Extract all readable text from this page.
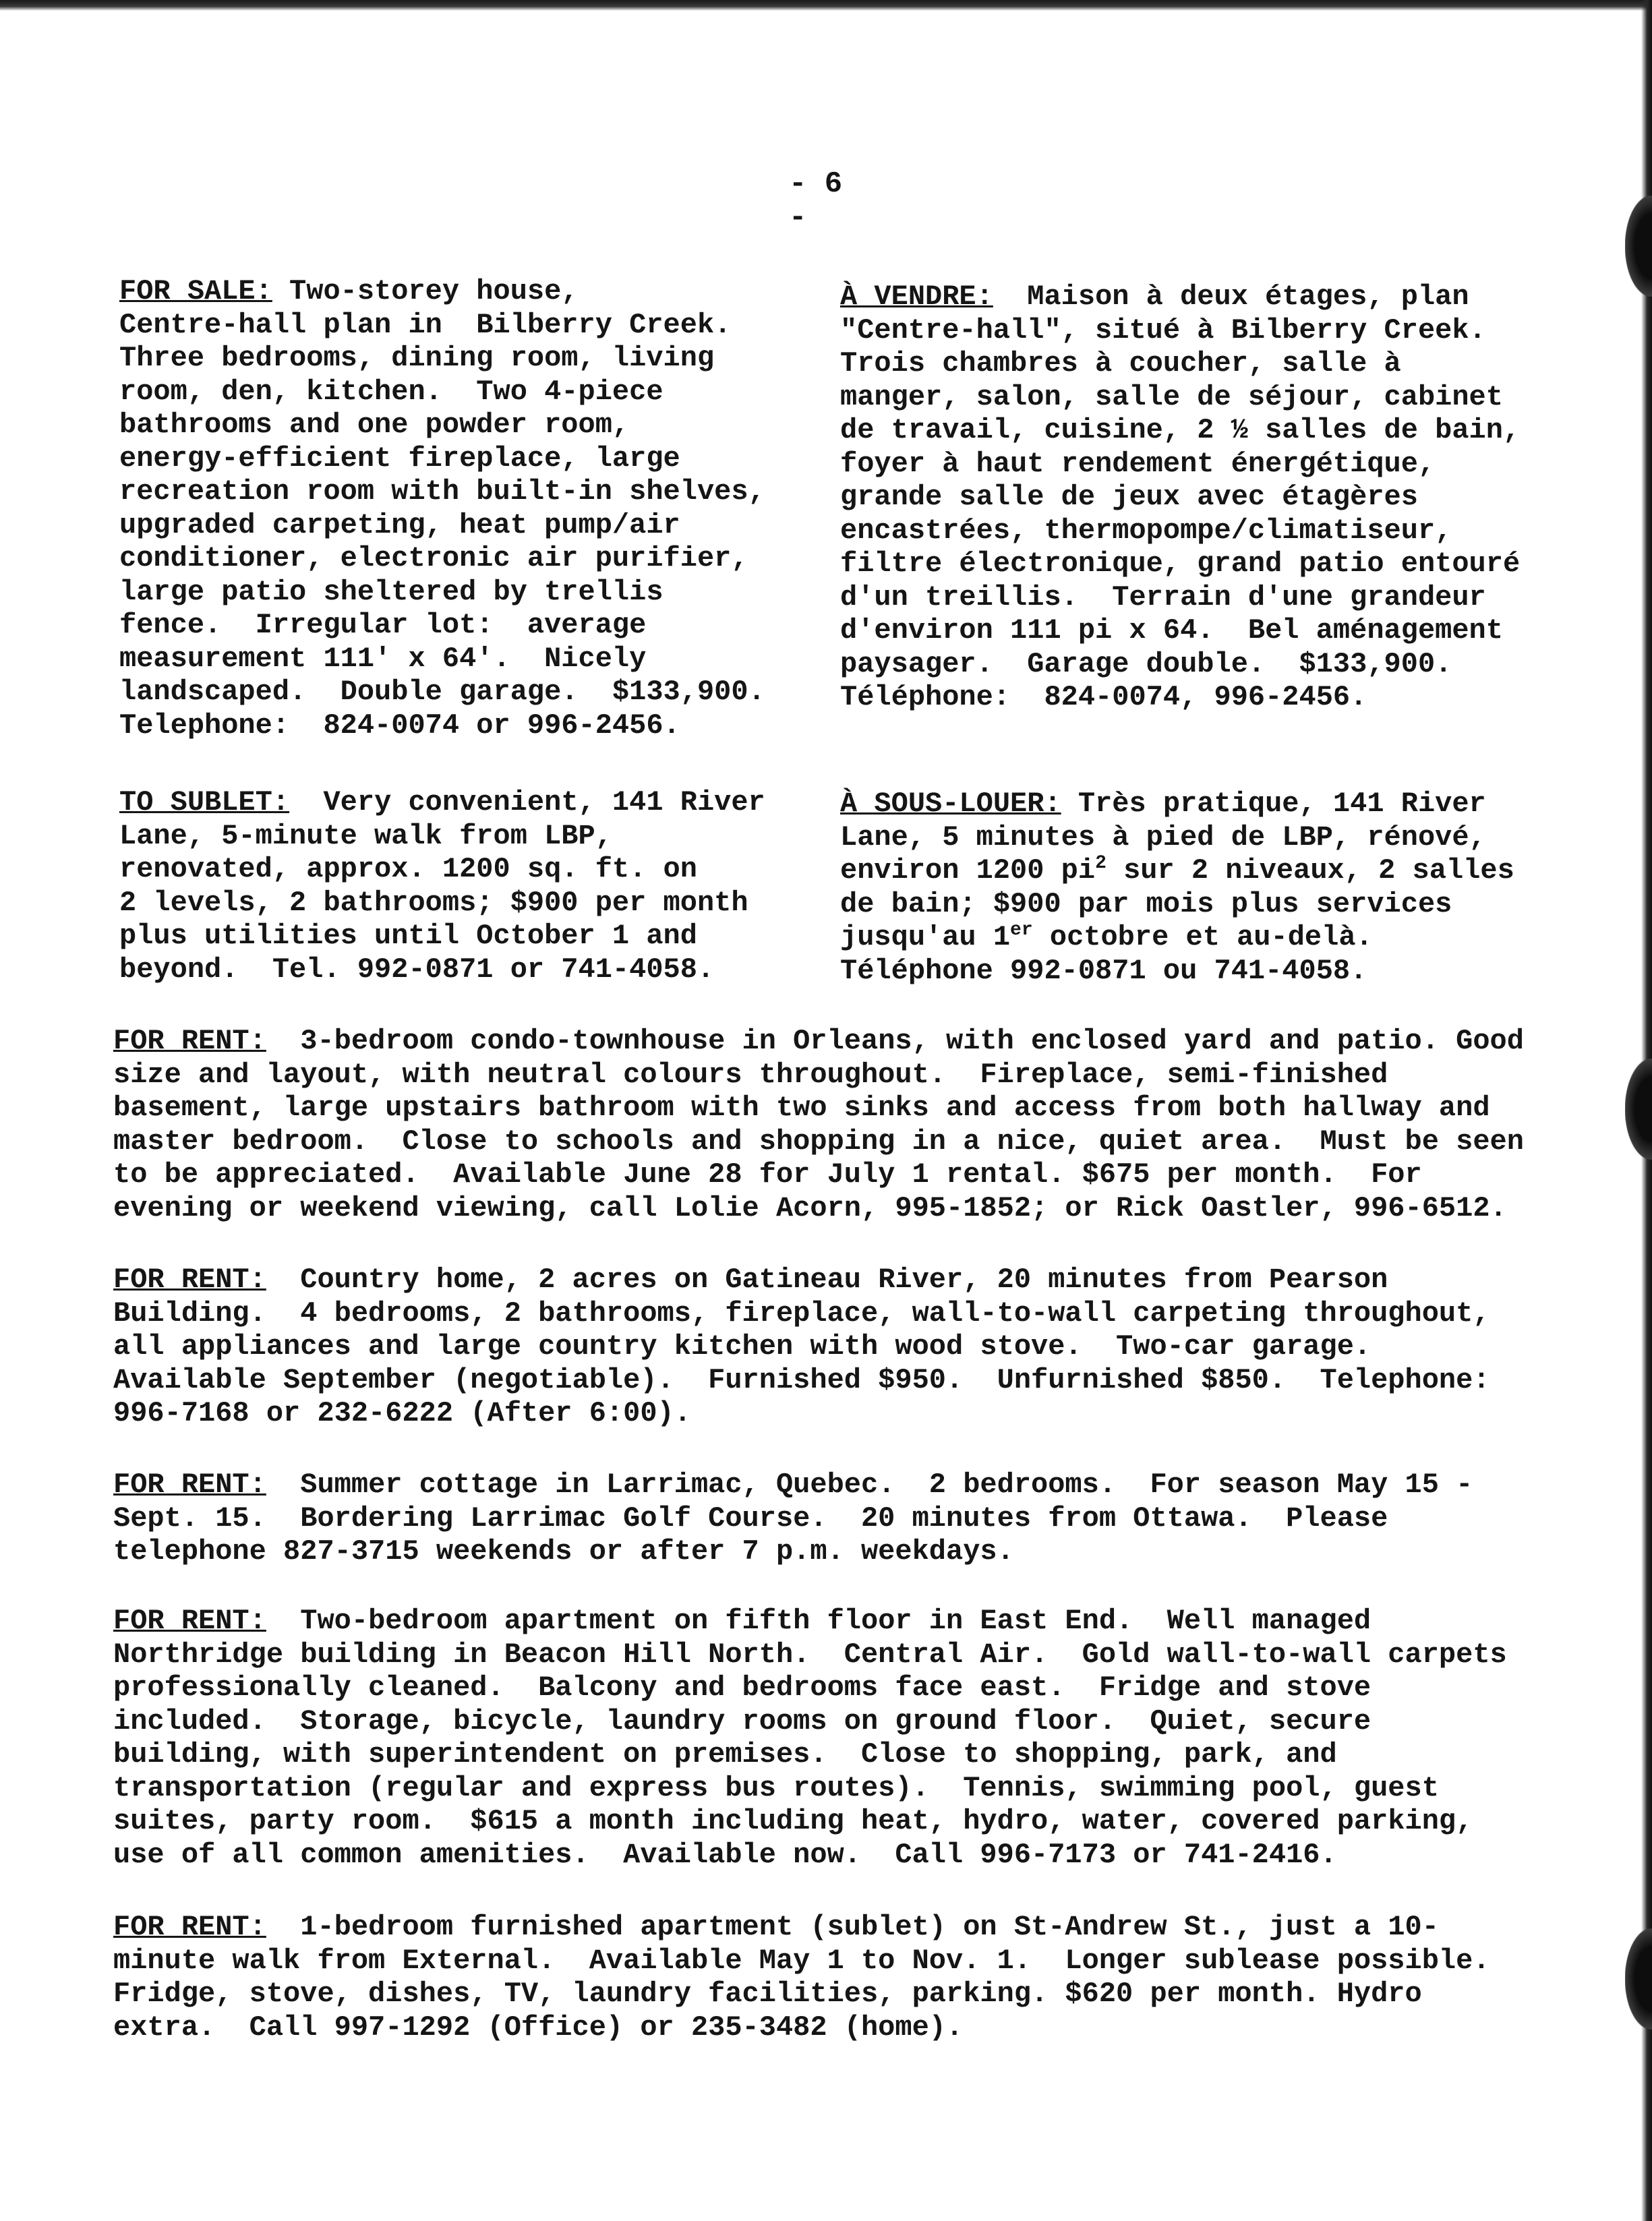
- 6 -
FOR SALE: Two-storey house,
Centre-hall plan in  Bilberry Creek.
Three bedrooms, dining room, living
room, den, kitchen.  Two 4-piece
bathrooms and one powder room,
energy-efficient fireplace, large
recreation room with built-in shelves,
upgraded carpeting, heat pump/air
conditioner, electronic air purifier,
large patio sheltered by trellis
fence.  Irregular lot:  average
measurement 111' x 64'.  Nicely
landscaped.  Double garage.  $133,900.
Telephone:  824-0074 or 996-2456.
À VENDRE:  Maison à deux étages, plan
"Centre-hall", situé à Bilberry Creek.
Trois chambres à coucher, salle à
manger, salon, salle de séjour, cabinet
de travail, cuisine, 2 ½ salles de bain,
foyer à haut rendement énergétique,
grande salle de jeux avec étagères
encastrées, thermopompe/climatiseur,
filtre électronique, grand patio entouré
d'un treillis.  Terrain d'une grandeur
d'environ 111 pi x 64.  Bel aménagement
paysager.  Garage double.  $133,900.
Téléphone:  824-0074, 996-2456.
TO SUBLET:  Very convenient, 141 River
Lane, 5-minute walk from LBP,
renovated, approx. 1200 sq. ft. on
2 levels, 2 bathrooms; $900 per month
plus utilities until October 1 and
beyond.  Tel. 992-0871 or 741-4058.
À SOUS-LOUER: Très pratique, 141 River
Lane, 5 minutes à pied de LBP, rénové,
environ 1200 $pi^2$ sur 2 niveaux, 2 salles
de bain; $900 par mois plus services
jusqu'au 1er octobre et au-delà.
Téléphone 992-0871 ou 741-4058.
FOR RENT:  3-bedroom condo-townhouse in Orleans, with enclosed yard and patio. Good size and layout, with neutral colours throughout.  Fireplace, semi-finished basement, large upstairs bathroom with two sinks and access from both hallway and master bedroom.  Close to schools and shopping in a nice, quiet area.  Must be seen to be appreciated.  Available June 28 for July 1 rental. $675 per month.  For evening or weekend viewing, call Lolie Acorn, 995-1852; or Rick Oastler, 996-6512.
FOR RENT:  Country home, 2 acres on Gatineau River, 20 minutes from Pearson Building.  4 bedrooms, 2 bathrooms, fireplace, wall-to-wall carpeting throughout, all appliances and large country kitchen with wood stove.  Two-car garage. Available September (negotiable).  Furnished $950.  Unfurnished $850.  Telephone: 996-7168 or 232-6222 (After 6:00).
FOR RENT:  Summer cottage in Larrimac, Quebec.  2 bedrooms.  For season May 15 - Sept. 15.  Bordering Larrimac Golf Course.  20 minutes from Ottawa.  Please telephone 827-3715 weekends or after 7 p.m. weekdays.
FOR RENT:  Two-bedroom apartment on fifth floor in East End.  Well managed Northridge building in Beacon Hill North.  Central Air.  Gold wall-to-wall carpets professionally cleaned.  Balcony and bedrooms face east.  Fridge and stove included.  Storage, bicycle, laundry rooms on ground floor.  Quiet, secure building, with superintendent on premises.  Close to shopping, park, and transportation (regular and express bus routes).  Tennis, swimming pool, guest suites, party room.  $615 a month including heat, hydro, water, covered parking, use of all common amenities.  Available now.  Call 996-7173 or 741-2416.
FOR RENT:  1-bedroom furnished apartment (sublet) on St-Andrew St., just a 10-minute walk from External.  Available May 1 to Nov. 1.  Longer sublease possible.  Fridge, stove, dishes, TV, laundry facilities, parking. $620 per month. Hydro extra.  Call 997-1292 (Office) or 235-3482 (home).
